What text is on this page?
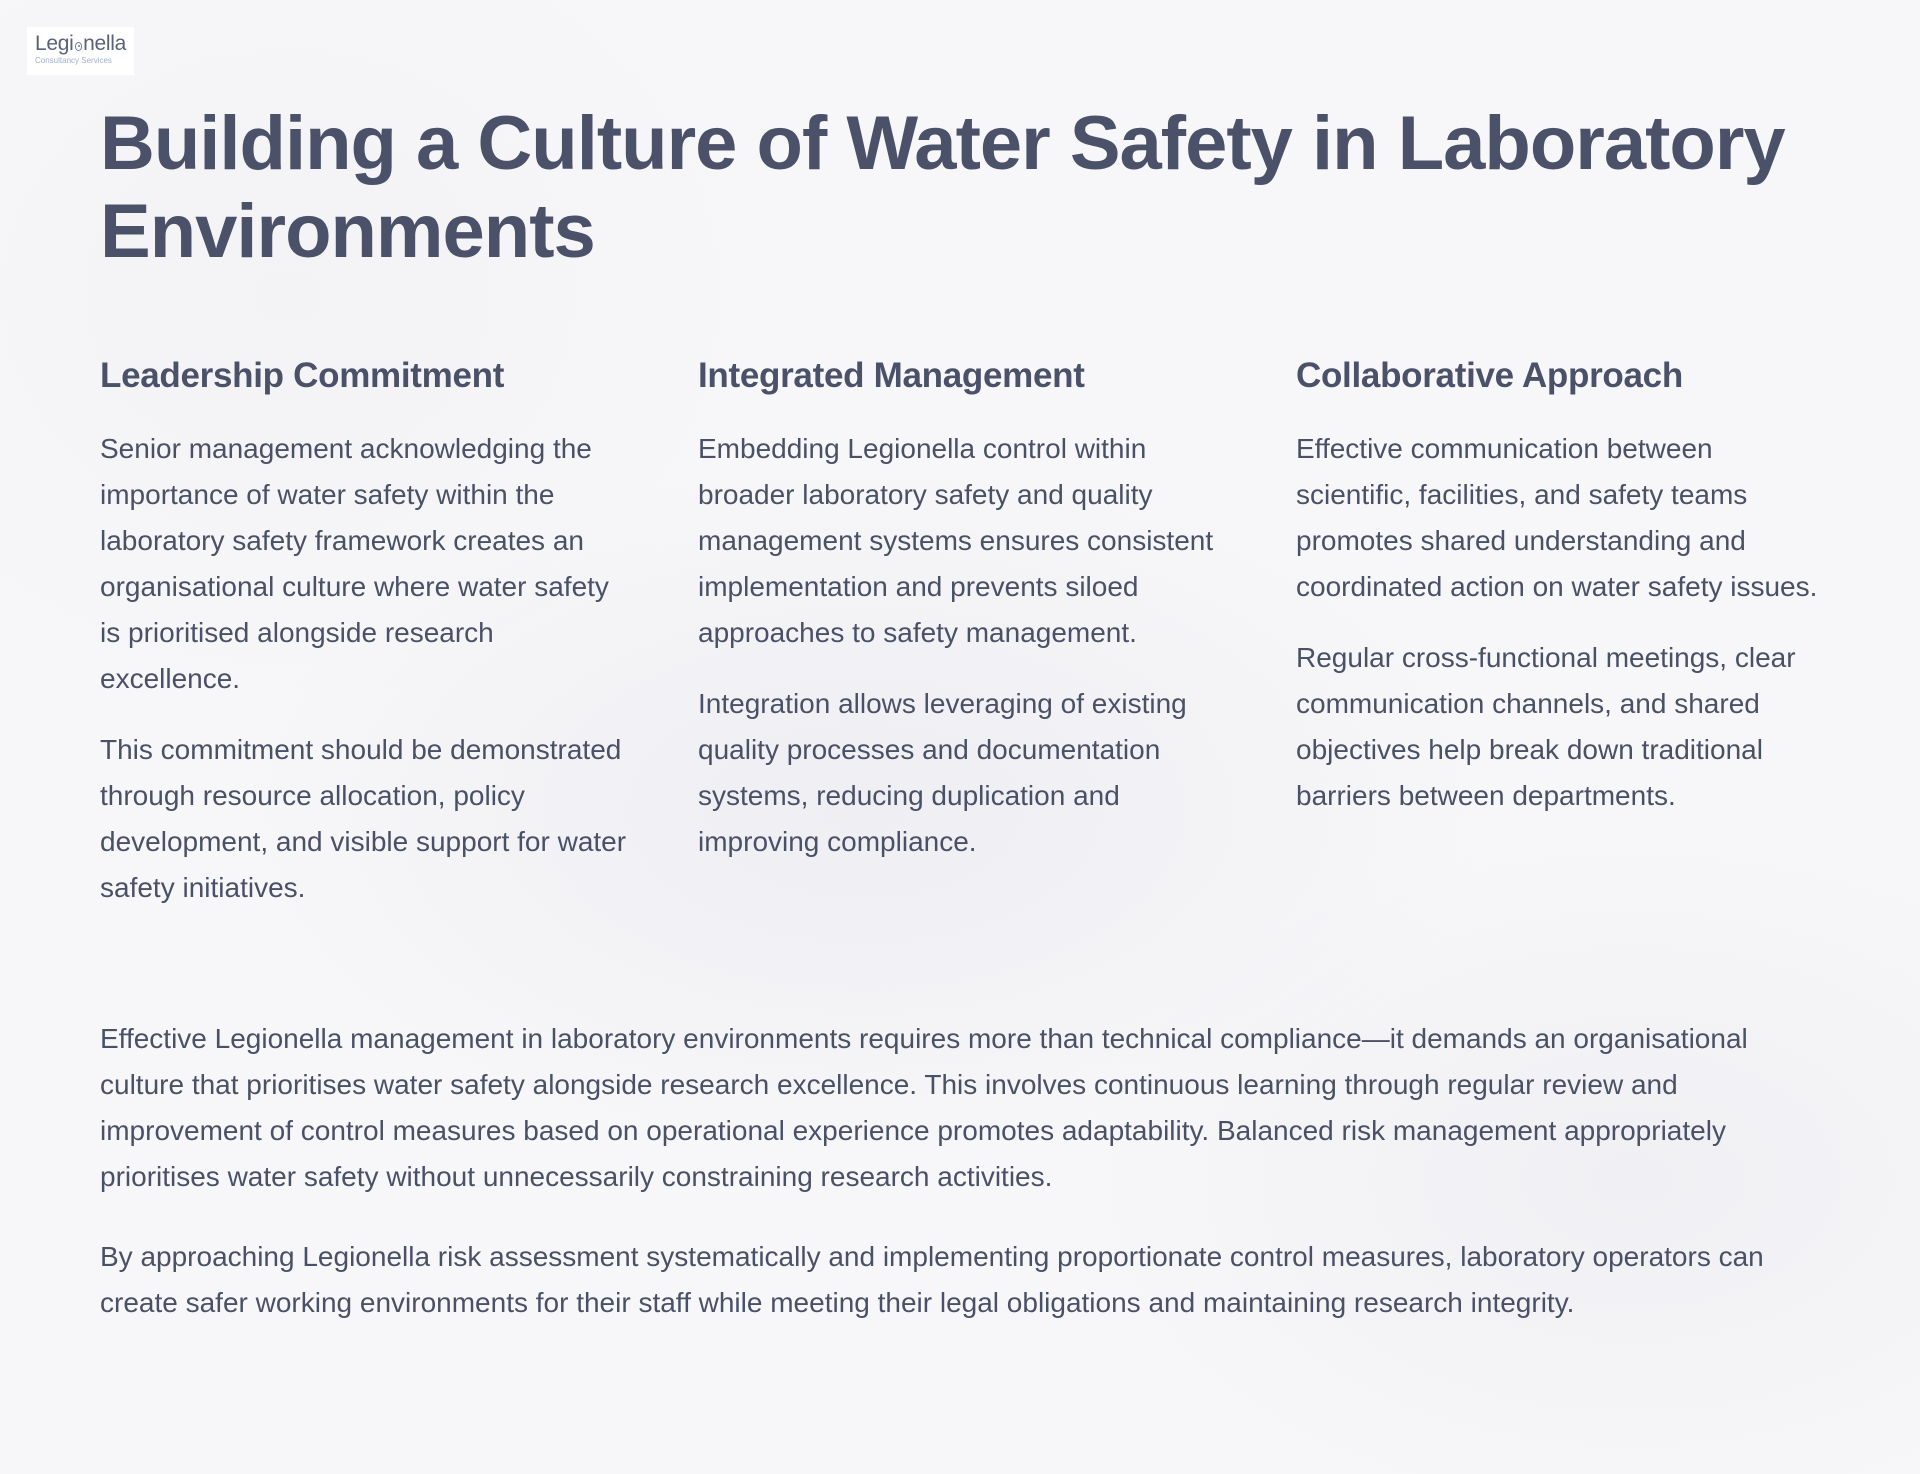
Legi nella
Consultancy Services
Building a Culture of Water Safety in Laboratory Environments
Leadership Commitment

Senior management acknowledging the importance of water safety within the laboratory safety framework creates an organisational culture where water safety is prioritised alongside research excellence.

This commitment should be demonstrated through resource allocation, policy development, and visible support for water safety initiatives.

Integrated Management

Embedding Legionella control within broader laboratory safety and quality management systems ensures consistent implementation and prevents siloed approaches to safety management.

Integration allows leveraging of existing quality processes and documentation systems, reducing duplication and improving compliance.

Collaborative Approach

Effective communication between scientific, facilities, and safety teams promotes shared understanding and coordinated action on water safety issues.

Regular cross-functional meetings, clear communication channels, and shared objectives help break down traditional barriers between departments.

Effective Legionella management in laboratory environments requires more than technical compliance—it demands an organisational culture that prioritises water safety alongside research excellence. This involves continuous learning through regular review and improvement of control measures based on operational experience promotes adaptability. Balanced risk management appropriately prioritises water safety without unnecessarily constraining research activities.

By approaching Legionella risk assessment systematically and implementing proportionate control measures, laboratory operators can create safer working environments for their staff while meeting their legal obligations and maintaining research integrity.
